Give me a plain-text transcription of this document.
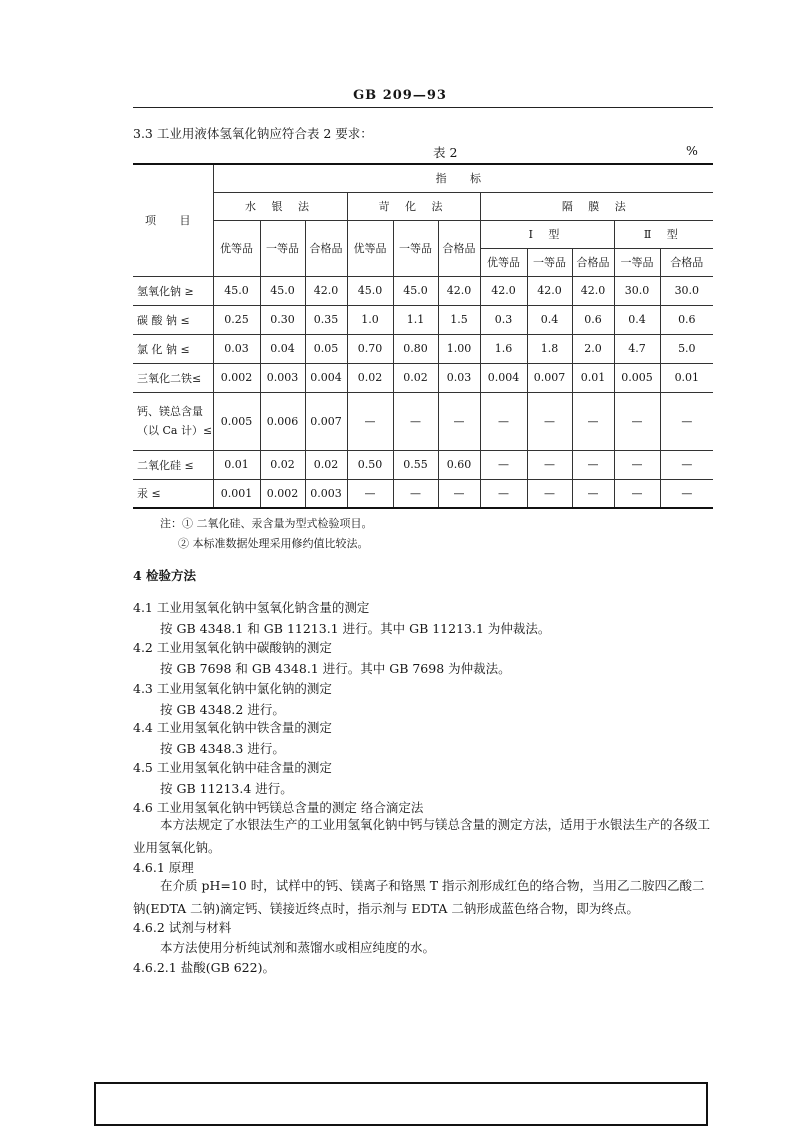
GB 209—93
3.3 工业用液体氢氧化钠应符合表 2 要求：
表 2	%
项 目	指 标										
	水 银 法			苛 化 法			隔 膜 法				
	优等品	一等品	合格品	优等品	一等品	合格品	Ⅰ 型			Ⅱ 型	
							优等品	一等品	合格品	一等品	合格品
氢氧化钠 ≥	45.0	45.0	42.0	45.0	45.0	42.0	42.0	42.0	42.0	30.0	30.0
碳 酸 钠 ≤	0.25	0.30	0.35	1.0	1.1	1.5	0.3	0.4	0.6	0.4	0.6
氯 化 钠 ≤	0.03	0.04	0.05	0.70	0.80	1.00	1.6	1.8	2.0	4.7	5.0
三氧化二铁≤	0.002	0.003	0.004	0.02	0.02	0.03	0.004	0.007	0.01	0.005	0.01
钙、镁总含量
（以 Ca 计）≤	0.005	0.006	0.007	—	—	—	—	—	—	—	—
二氧化硅 ≤	0.01	0.02	0.02	0.50	0.55	0.60	—	—	—	—	—
汞 ≤	0.001	0.002	0.003	—	—	—	—	—	—	—	—
注：① 二氧化硅、汞含量为型式检验项目。
② 本标准数据处理采用修约值比较法。
4 检验方法
4.1 工业用氢氧化钠中氢氧化钠含量的测定
按 GB 4348.1 和 GB 11213.1 进行。其中 GB 11213.1 为仲裁法。
4.2 工业用氢氧化钠中碳酸钠的测定
按 GB 7698 和 GB 4348.1 进行。其中 GB 7698 为仲裁法。
4.3 工业用氢氧化钠中氯化钠的测定
按 GB 4348.2 进行。
4.4 工业用氢氧化钠中铁含量的测定
按 GB 4348.3 进行。
4.5 工业用氢氧化钠中硅含量的测定
按 GB 11213.4 进行。
4.6 工业用氢氧化钠中钙镁总含量的测定 络合滴定法
本方法规定了水银法生产的工业用氢氧化钠中钙与镁总含量的测定方法，适用于水银法生产的各级工业用氢氧化钠。
4.6.1 原理
在介质 pH=10 时，试样中的钙、镁离子和铬黑 T 指示剂形成红色的络合物，当用乙二胺四乙酸二钠(EDTA 二钠)滴定钙、镁接近终点时，指示剂与 EDTA 二钠形成蓝色络合物，即为终点。
4.6.2 试剂与材料
本方法使用分析纯试剂和蒸馏水或相应纯度的水。
4.6.2.1 盐酸(GB 622)。
